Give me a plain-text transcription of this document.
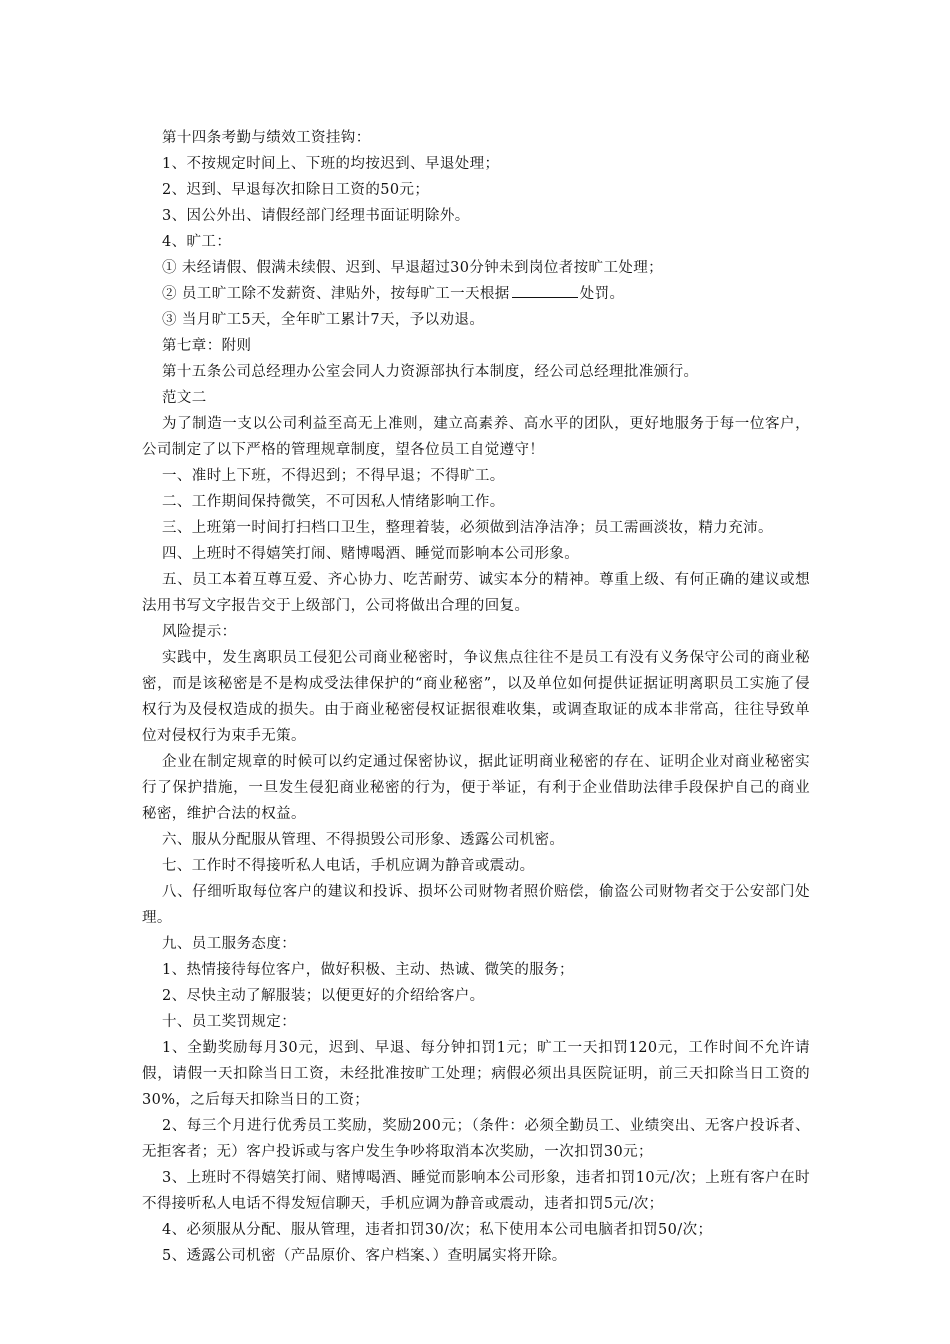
第十四条考勤与绩效工资挂钩：

1、不按规定时间上、下班的均按迟到、早退处理；

2、迟到、早退每次扣除日工资的50元；

3、因公外出、请假经部门经理书面证明除外。

4、旷工：

① 未经请假、假满未续假、迟到、早退超过30分钟未到岗位者按旷工处理；

② 员工旷工除不发薪资、津贴外，按每旷工一天根据	处罚。

③ 当月旷工5天，全年旷工累计7天，予以劝退。

第七章：附则

第十五条公司总经理办公室会同人力资源部执行本制度，经公司总经理批准颁行。

范文二

为了制造一支以公司利益至高无上准则，建立高素养、高水平的团队，更好地服务于每一位客户，公司制定了以下严格的管理规章制度，望各位员工自觉遵守！

一、准时上下班，不得迟到；不得早退；不得旷工。

二、工作期间保持微笑，不可因私人情绪影响工作。

三、上班第一时间打扫档口卫生，整理着装，必须做到洁净洁净；员工需画淡妆，精力充沛。

四、上班时不得嬉笑打闹、赌博喝酒、睡觉而影响本公司形象。

五、员工本着互尊互爱、齐心协力、吃苦耐劳、诚实本分的精神。尊重上级、有何正确的建议或想法用书写文字报告交于上级部门，公司将做出合理的回复。

风险提示：

实践中，发生离职员工侵犯公司商业秘密时，争议焦点往往不是员工有没有义务保守公司的商业秘密，而是该秘密是不是构成受法律保护的“商业秘密”，以及单位如何提供证据证明离职员工实施了侵权行为及侵权造成的损失。由于商业秘密侵权证据很难收集，或调查取证的成本非常高，往往导致单位对侵权行为束手无策。

企业在制定规章的时候可以约定通过保密协议，据此证明商业秘密的存在、证明企业对商业秘密实行了保护措施，一旦发生侵犯商业秘密的行为，便于举证，有利于企业借助法律手段保护自己的商业秘密，维护合法的权益。

六、服从分配服从管理、不得损毁公司形象、透露公司机密。

七、工作时不得接听私人电话，手机应调为静音或震动。

八、仔细听取每位客户的建议和投诉、损坏公司财物者照价赔偿，偷盗公司财物者交于公安部门处理。

九、员工服务态度：

1、热情接待每位客户，做好积极、主动、热诚、微笑的服务；

2、尽快主动了解服装；以便更好的介绍给客户。

十、员工奖罚规定：

1、全勤奖励每月30元，迟到、早退、每分钟扣罚1元；旷工一天扣罚120元，工作时间不允许请假，请假一天扣除当日工资，未经批准按旷工处理；病假必须出具医院证明，前三天扣除当日工资的30%，之后每天扣除当日的工资；

2、每三个月进行优秀员工奖励，奖励200元；（条件：必须全勤员工、业绩突出、无客户投诉者、无拒客者；无）客户投诉或与客户发生争吵将取消本次奖励，一次扣罚30元；

3、上班时不得嬉笑打闹、赌博喝酒、睡觉而影响本公司形象，违者扣罚10元/次；上班有客户在时不得接听私人电话不得发短信聊天，手机应调为静音或震动，违者扣罚5元/次；

4、必须服从分配、服从管理，违者扣罚30/次；私下使用本公司电脑者扣罚50/次；

5、透露公司机密（产品原价、客户档案、）查明属实将开除。
